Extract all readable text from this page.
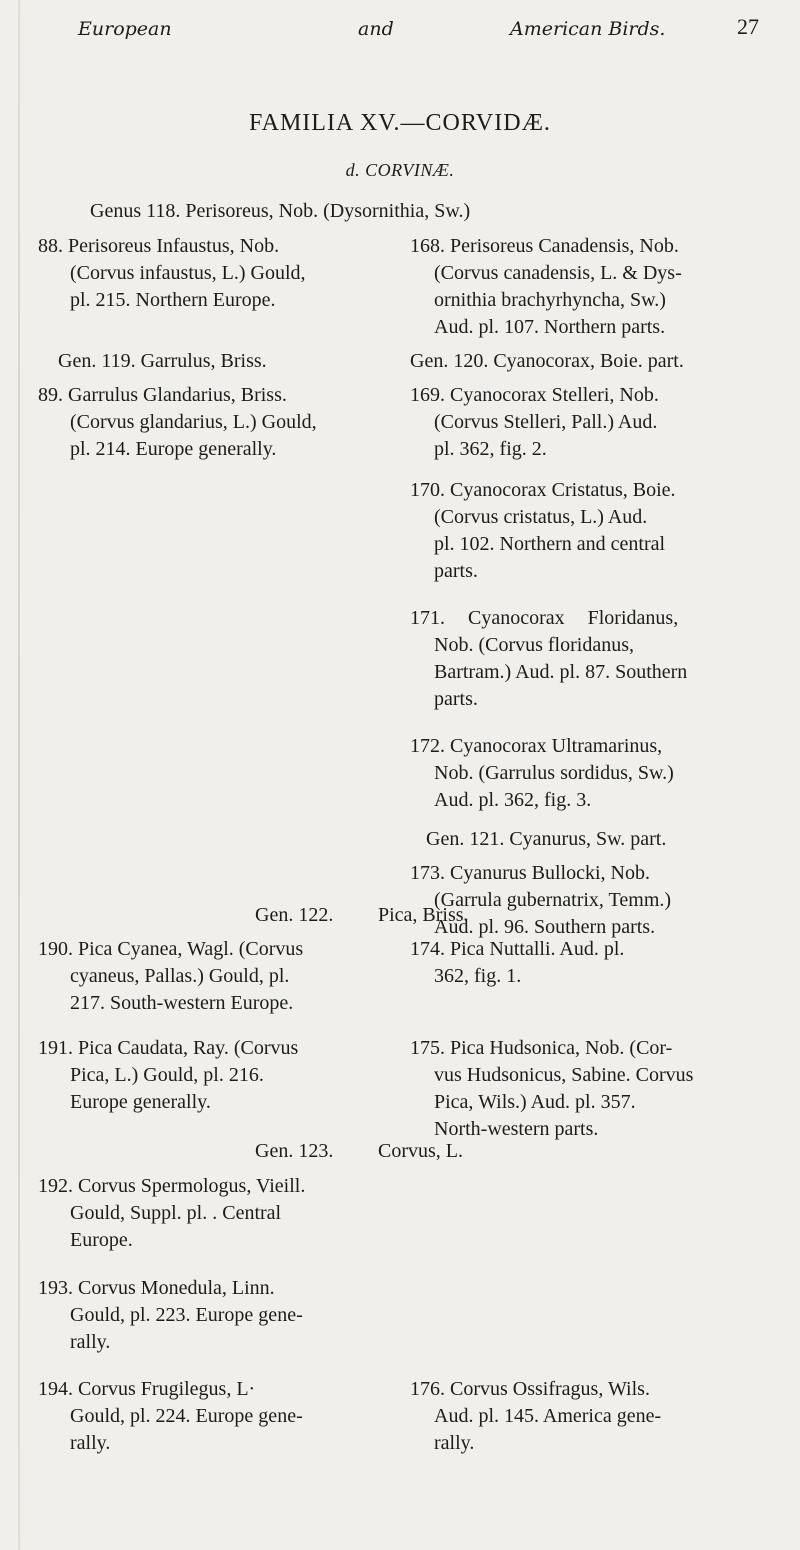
European	and	American Birds.	27
FAMILIA XV.—CORVIDÆ.
d. CORVINÆ.
Genus 118. Perisoreus, Nob. (Dysornithia, Sw.)
88. Perisoreus Infaustus, Nob.
(Corvus infaustus, L.) Gould,
pl. 215. Northern Europe.
Gen. 119. Garrulus, Briss.
89. Garrulus Glandarius, Briss.
(Corvus glandarius, L.) Gould,
pl. 214. Europe generally.
Gen. 122.
190. Pica Cyanea, Wagl. (Corvus
cyaneus, Pallas.) Gould, pl.
217. South-western Europe.
191. Pica Caudata, Ray. (Corvus
Pica, L.) Gould, pl. 216.
Europe generally.
Gen. 123.
192. Corvus Spermologus, Vieill.
Gould, Suppl. pl. . Central
Europe.
193. Corvus Monedula, Linn.
Gould, pl. 223. Europe gene-
rally.
194. Corvus Frugilegus, L·
Gould, pl. 224. Europe gene-
rally.
168. Perisoreus Canadensis, Nob.
(Corvus canadensis, L. & Dys-
ornithia brachyrhyncha, Sw.)
Aud. pl. 107. Northern parts.
Gen. 120. Cyanocorax, Boie. part.
169. Cyanocorax Stelleri, Nob.
(Corvus Stelleri, Pall.) Aud.
pl. 362, fig. 2.
170. Cyanocorax Cristatus, Boie.
(Corvus cristatus, L.) Aud.
pl. 102. Northern and central
parts.
171. Cyanocorax Floridanus,
Nob. (Corvus floridanus,
Bartram.) Aud. pl. 87. Southern
parts.
172. Cyanocorax Ultramarinus,
Nob. (Garrulus sordidus, Sw.)
Aud. pl. 362, fig. 3.
Gen. 121. Cyanurus, Sw. part.
173. Cyanurus Bullocki, Nob.
(Garrula gubernatrix, Temm.)
Aud. pl. 96. Southern parts.
Pica, Briss.
174. Pica Nuttalli. Aud. pl.
362, fig. 1.
175. Pica Hudsonica, Nob. (Cor-
vus Hudsonicus, Sabine. Corvus
Pica, Wils.) Aud. pl. 357.
North-western parts.
Corvus, L.
176. Corvus Ossifragus, Wils.
Aud. pl. 145. America gene-
rally.
